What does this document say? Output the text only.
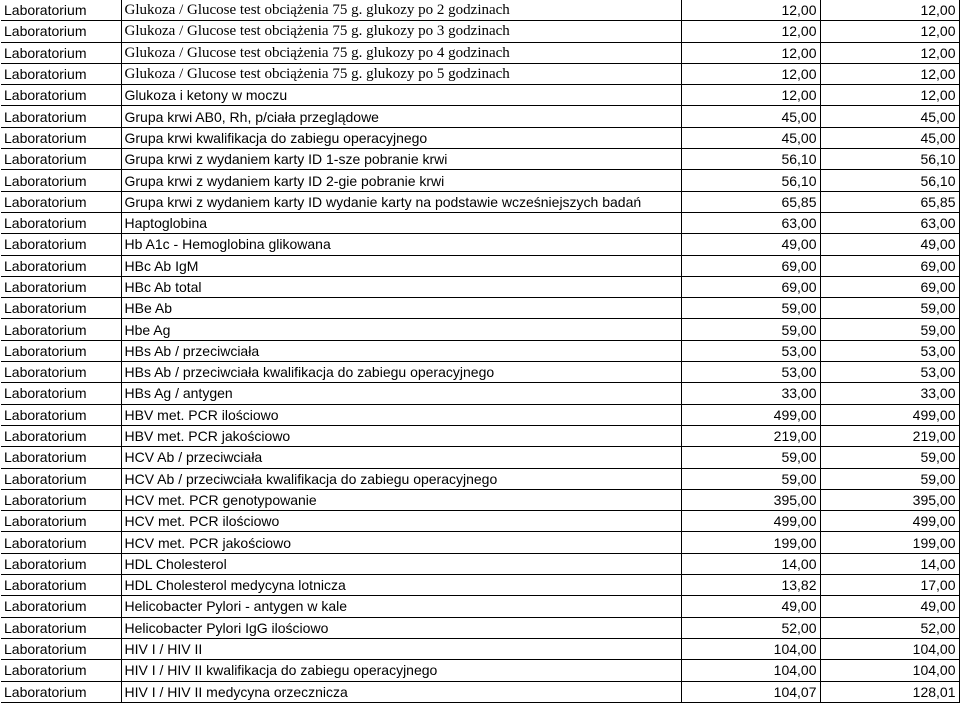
Laboratorium	Glukoza / Glucose test obciążenia 75 g. glukozy po 2 godzinach	12,00	12,00
Laboratorium	Glukoza / Glucose test obciążenia 75 g. glukozy po 3 godzinach	12,00	12,00
Laboratorium	Glukoza / Glucose test obciążenia 75 g. glukozy po 4 godzinach	12,00	12,00
Laboratorium	Glukoza / Glucose test obciążenia 75 g. glukozy po 5 godzinach	12,00	12,00
Laboratorium	Glukoza i ketony w moczu	12,00	12,00
Laboratorium	Grupa krwi AB0, Rh, p/ciała przeglądowe	45,00	45,00
Laboratorium	Grupa krwi kwalifikacja do zabiegu operacyjnego	45,00	45,00
Laboratorium	Grupa krwi z wydaniem karty ID 1-sze pobranie krwi	56,10	56,10
Laboratorium	Grupa krwi z wydaniem karty ID 2-gie pobranie krwi	56,10	56,10
Laboratorium	Grupa krwi z wydaniem karty ID wydanie karty na podstawie wcześniejszych badań	65,85	65,85
Laboratorium	Haptoglobina	63,00	63,00
Laboratorium	Hb A1c - Hemoglobina glikowana	49,00	49,00
Laboratorium	HBc Ab IgM	69,00	69,00
Laboratorium	HBc Ab total	69,00	69,00
Laboratorium	HBe Ab	59,00	59,00
Laboratorium	Hbe Ag	59,00	59,00
Laboratorium	HBs Ab / przeciwciała	53,00	53,00
Laboratorium	HBs Ab / przeciwciała kwalifikacja do zabiegu operacyjnego	53,00	53,00
Laboratorium	HBs Ag / antygen	33,00	33,00
Laboratorium	HBV met. PCR ilościowo	499,00	499,00
Laboratorium	HBV met. PCR jakościowo	219,00	219,00
Laboratorium	HCV Ab / przeciwciała	59,00	59,00
Laboratorium	HCV Ab / przeciwciała kwalifikacja do zabiegu operacyjnego	59,00	59,00
Laboratorium	HCV met. PCR genotypowanie	395,00	395,00
Laboratorium	HCV met. PCR ilościowo	499,00	499,00
Laboratorium	HCV met. PCR jakościowo	199,00	199,00
Laboratorium	HDL Cholesterol	14,00	14,00
Laboratorium	HDL Cholesterol medycyna lotnicza	13,82	17,00
Laboratorium	Helicobacter Pylori - antygen w kale	49,00	49,00
Laboratorium	Helicobacter Pylori IgG ilościowo	52,00	52,00
Laboratorium	HIV I / HIV II	104,00	104,00
Laboratorium	HIV I / HIV II kwalifikacja do zabiegu operacyjnego	104,00	104,00
Laboratorium	HIV I / HIV II medycyna orzecznicza	104,07	128,01
